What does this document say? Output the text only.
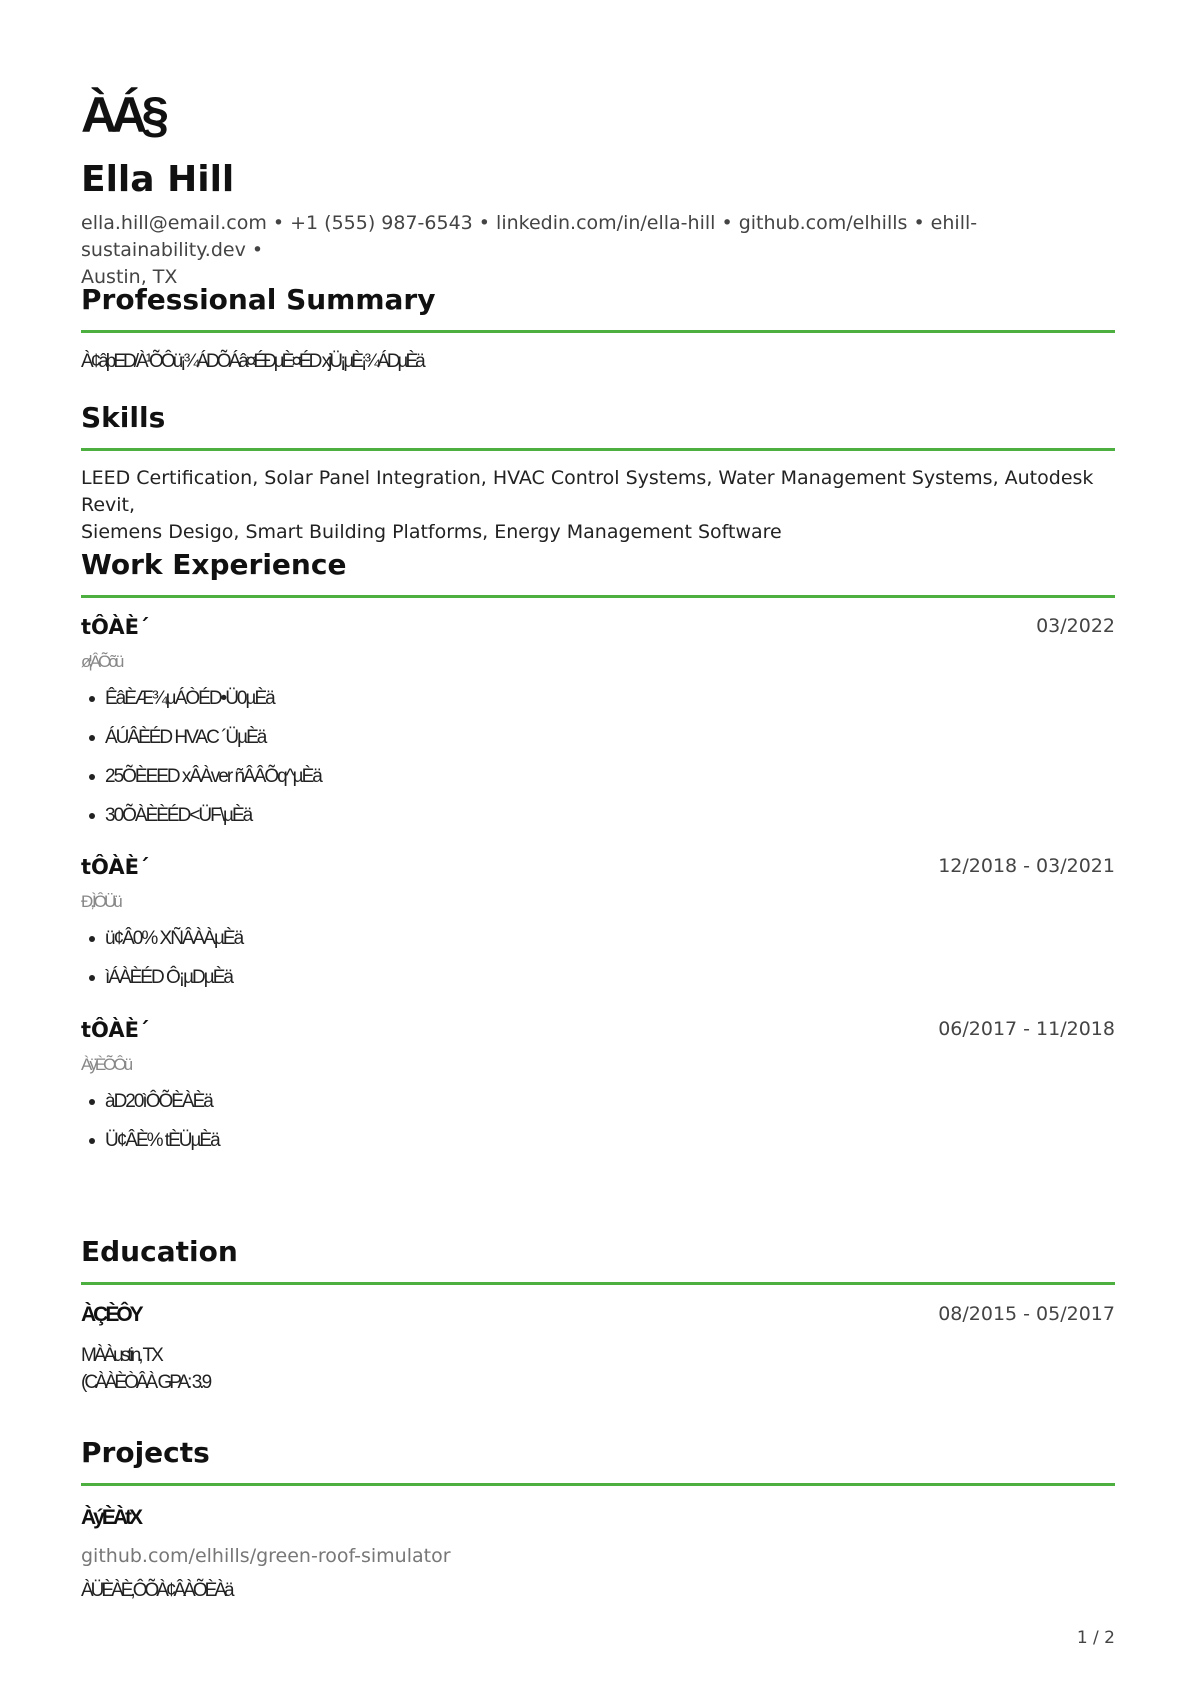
ÀÁ§
Ella Hill
ella.hill@email.com • +1 (555) 987-6543 • linkedin.com/in/ella-hill • github.com/elhills • ehill-sustainability.dev •
Austin, TX
Professional Summary
À¢âþED/À¹ÕÔü¡¾ÁDÕÁâ¤ÉÐµÈ¤ÉD xjÜ¡µÈ¡¾ÁDµÈä
Skills
LEED Certification, Solar Panel Integration, HVAC Control Systems, Water Management Systems, Autodesk Revit,
Siemens Desigo, Smart Building Platforms, Energy Management Software
Work Experience
tÔÀÈ´	03/2022
ø¦ÂÕõü
ÊâÈÆ¾µÁÒÉD•Ü0µÈä
ÁÚÂÈÉD HVAC ´ÜµÈä
25ÕÈEED xÂÀver ñÂÂÕq^µÈä
30ÕÀÈÈÉD<ÜF\µÈä
tÔÀÈ´	12/2018 - 03/2021
Ð,ÌÔÜü
ü¢Â0% XÑÂÀÀµÈä
ìÁÀÈÉD Ô¡µDµÈä
tÔÀÈ´	06/2017 - 11/2018
ÀÿÈÕÔü
àD20ìÔÕÈÀÈä
Ü¢ÂÈ% tÈÜµÈä
Education
ÀÇÈÔY	08/2015 - 05/2017
MÀÀustin, TX
(CÀÀÈÒÂÀ GPA: 3.9
Projects
ÀýÈÀtX
github.com/elhills/green-roof-simulator
ÀÜÈÀÈ,ÔÕÀ¢ÂÀÕÈÀä
1 / 2
